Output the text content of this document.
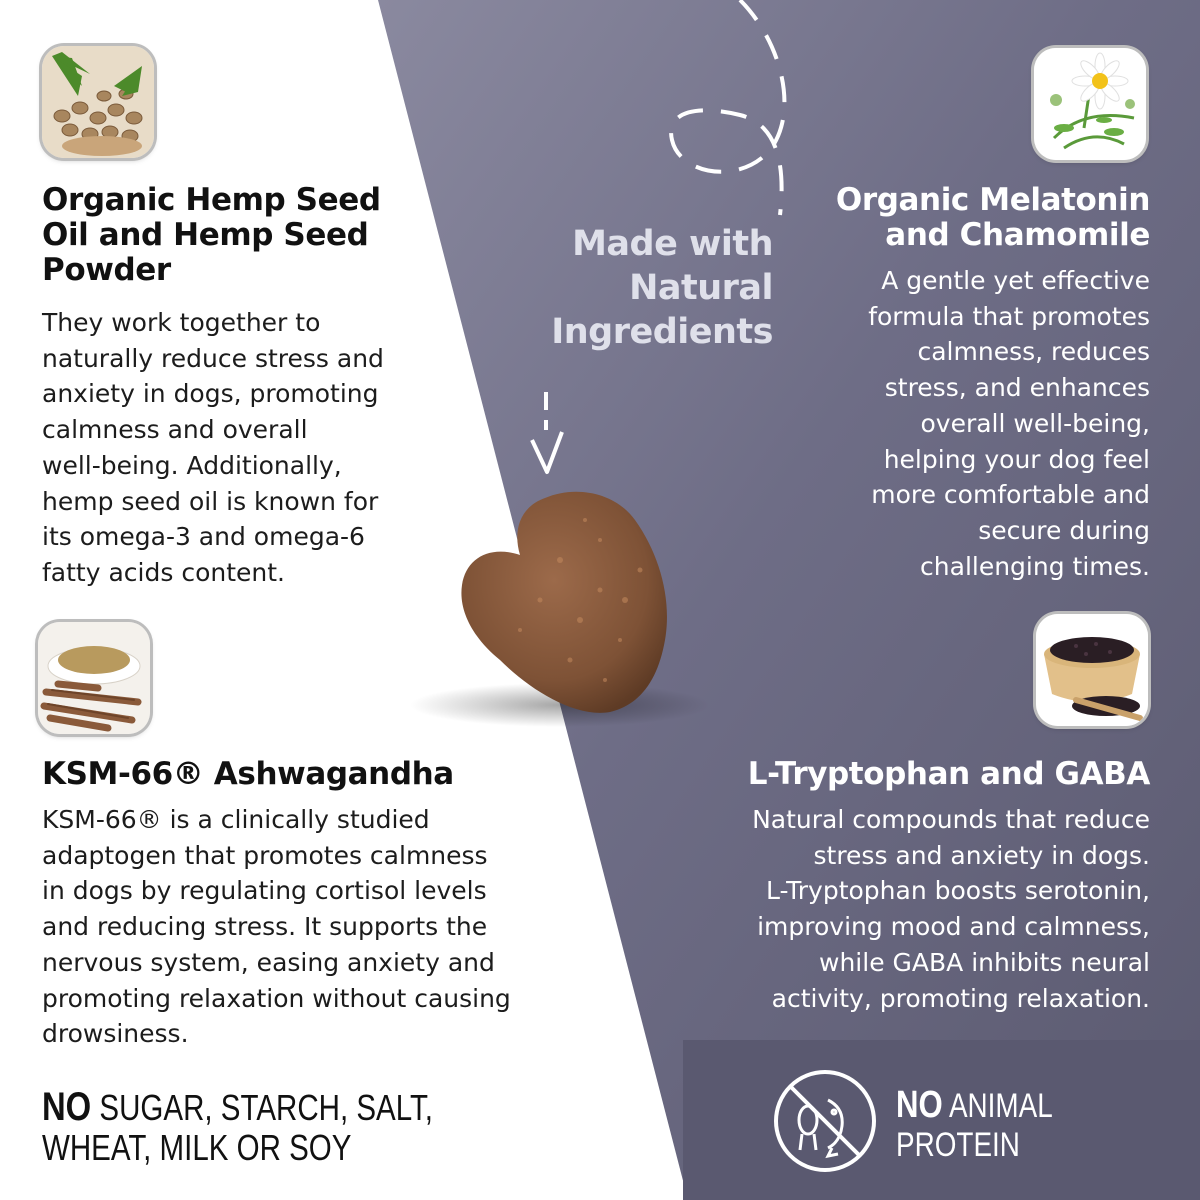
Made with
Natural
Ingredients
Organic Hemp Seed
Oil and Hemp Seed
Powder
They work together to
naturally reduce stress and
anxiety in dogs, promoting
calmness and overall
well-being. Additionally,
hemp seed oil is known for
its omega-3 and omega-6
fatty acids content.
KSM-66® Ashwagandha
KSM-66® is a clinically studied
adaptogen that promotes calmness
in dogs by regulating cortisol levels
and reducing stress. It supports the
nervous system, easing anxiety and
promoting relaxation without causing
drowsiness.
NO SUGAR, STARCH, SALT,
WHEAT, MILK OR SOY
Organic Melatonin
and Chamomile
A gentle yet effective
formula that promotes
calmness, reduces
stress, and enhances
overall well-being,
helping your dog feel
more comfortable and
secure during
challenging times.
L-Tryptophan and GABA
Natural compounds that reduce
stress and anxiety in dogs.
L-Tryptophan boosts serotonin,
improving mood and calmness,
while GABA inhibits neural
activity, promoting relaxation.
NO ANIMAL
PROTEIN
